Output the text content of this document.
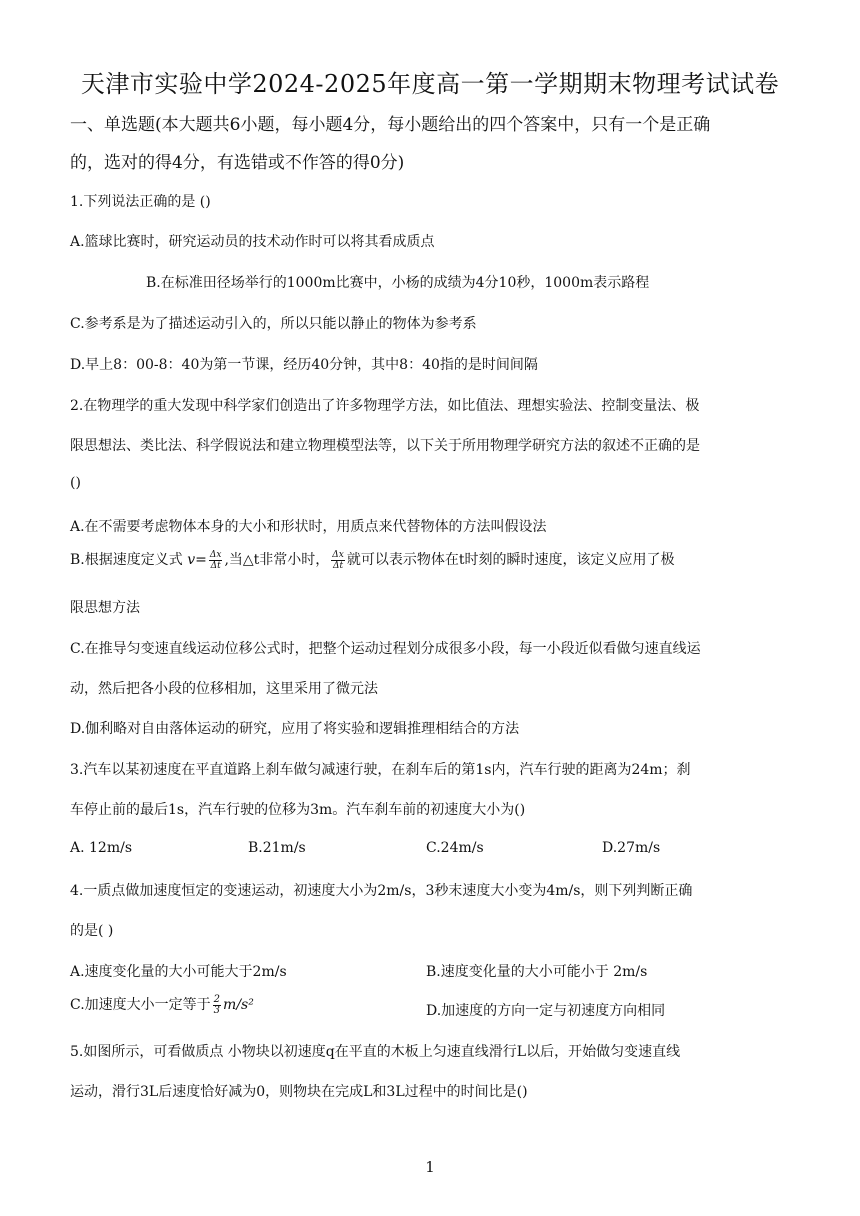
天津市实验中学2024-2025年度高一第一学期期末物理考试试卷
一、单选题(本大题共6小题，每小题4分，每小题给出的四个答案中，只有一个是正确
的，选对的得4分，有选错或不作答的得0分)
1.下列说法正确的是 ()
A.篮球比赛时，研究运动员的技术动作时可以将其看成质点
B.在标准田径场举行的1000m比赛中，小杨的成绩为4分10秒，1000m表示路程
C.参考系是为了描述运动引入的，所以只能以静止的物体为参考系
D.早上8：00-8：40为第一节课，经历40分钟，其中8：40指的是时间间隔
2.在物理学的重大发现中科学家们创造出了许多物理学方法，如比值法、理想实验法、控制变量法、极
限思想法、类比法、科学假说法和建立物理模型法等，以下关于所用物理学研究方法的叙述不正确的是
()
A.在不需要考虑物体本身的大小和形状时，用质点来代替物体的方法叫假设法
B.根据速度定义式 $v= \frac{\Delta x}{\Delta t}$ ,当△t非常小时， $\frac{\Delta x}{\Delta t}$ 就可以表示物体在t时刻的瞬时速度，该定义应用了极
限思想方法
C.在推导匀变速直线运动位移公式时，把整个运动过程划分成很多小段，每一小段近似看做匀速直线运
动，然后把各小段的位移相加，这里采用了微元法
D.伽利略对自由落体运动的研究，应用了将实验和逻辑推理相结合的方法
3.汽车以某初速度在平直道路上刹车做匀减速行驶，在刹车后的第1s内，汽车行驶的距离为24m；刹
车停止前的最后1s，汽车行驶的位移为3m。汽车刹车前的初速度大小为()
A. 12m/s	B.21m/s	C.24m/s	D.27m/s
4.一质点做加速度恒定的变速运动，初速度大小为2m/s，3秒末速度大小变为4m/s，则下列判断正确
的是( )
A.速度变化量的大小可能大于2m/s	B.速度变化量的大小可能小于 2m/s
C.加速度大小一定等于 $\frac{2}{3} m/s^2$	D.加速度的方向一定与初速度方向相同
5.如图所示，可看做质点 小物块以初速度q在平直的木板上匀速直线滑行L以后，开始做匀变速直线
运动，滑行3L后速度恰好减为0，则物块在完成L和3L过程中的时间比是()
1
